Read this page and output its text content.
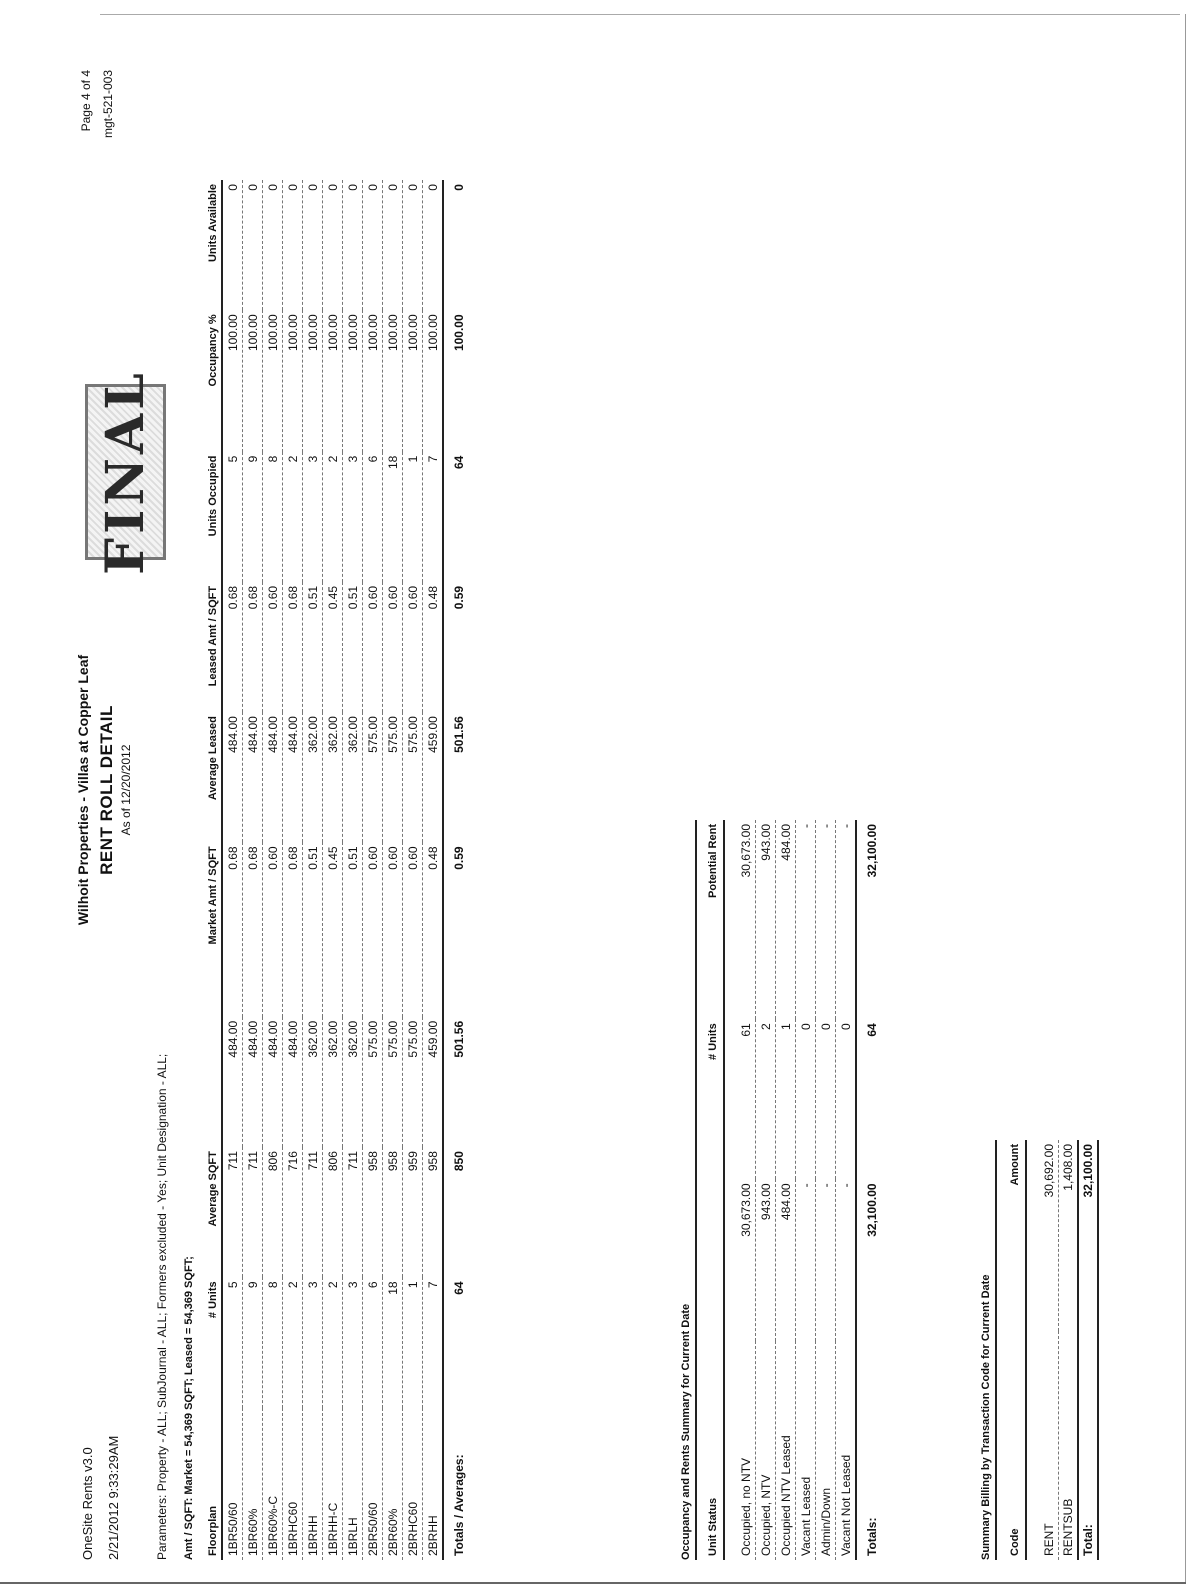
OneSite Rents v3.0 2/21/2012 9:33:29AM
Wilhoit Properties - Villas at Copper Leaf RENT ROLL DETAIL As of 12/20/2012
FINAL
Page 4 of 4 mgt-521-003
Parameters: Property - ALL; SubJournal - ALL; Formers excluded - Yes; Unit Designation - ALL; Amt / SQFT: Market = 54,369 SQFT; Leased = 54,369 SQFT; Floorplan	# Units	Average SQFT		Market Amt / SQFT	Average Leased	Leased Amt / SQFT	Units Occupied	Occupancy %	Units Available
1BR50/60	5	711	484.00	0.68	484.00	0.68	5	100.00	0
1BR60%	9	711	484.00	0.68	484.00	0.68	9	100.00	0
1BR60%-C	8	806	484.00	0.60	484.00	0.60	8	100.00	0
1BRHC60	2	716	484.00	0.68	484.00	0.68	2	100.00	0
1BRHH	3	711	362.00	0.51	362.00	0.51	3	100.00	0
1BRHH-C	2	806	362.00	0.45	362.00	0.45	2	100.00	0
1BRLH	3	711	362.00	0.51	362.00	0.51	3	100.00	0
2BR50/60	6	958	575.00	0.60	575.00	0.60	6	100.00	0
2BR60%	18	958	575.00	0.60	575.00	0.60	18	100.00	0
2BRHC60	1	959	575.00	0.60	575.00	0.60	1	100.00	0
2BRHH	7	958	459.00	0.48	459.00	0.48	7	100.00	0
Totals / Averages:	64	850	501.56	0.59	501.56	0.59	64	100.00	0
Occupancy and Rents Summary for Current Date Unit Status		# Units	Potential Rent
Occupied, no NTV	30,673.00	61	30,673.00
Occupied, NTV	943.00	2	943.00
Occupied NTV Leased	484.00	1	484.00
Vacant Leased	-	0	-
Admin/Down	-	0	-
Vacant Not Leased	-	0	-
Totals:	32,100.00	64	32,100.00
Summary Billing by Transaction Code for Current Date Code	Amount
RENT	30,692.00
RENTSUB	1,408.00
Total:	32,100.00
